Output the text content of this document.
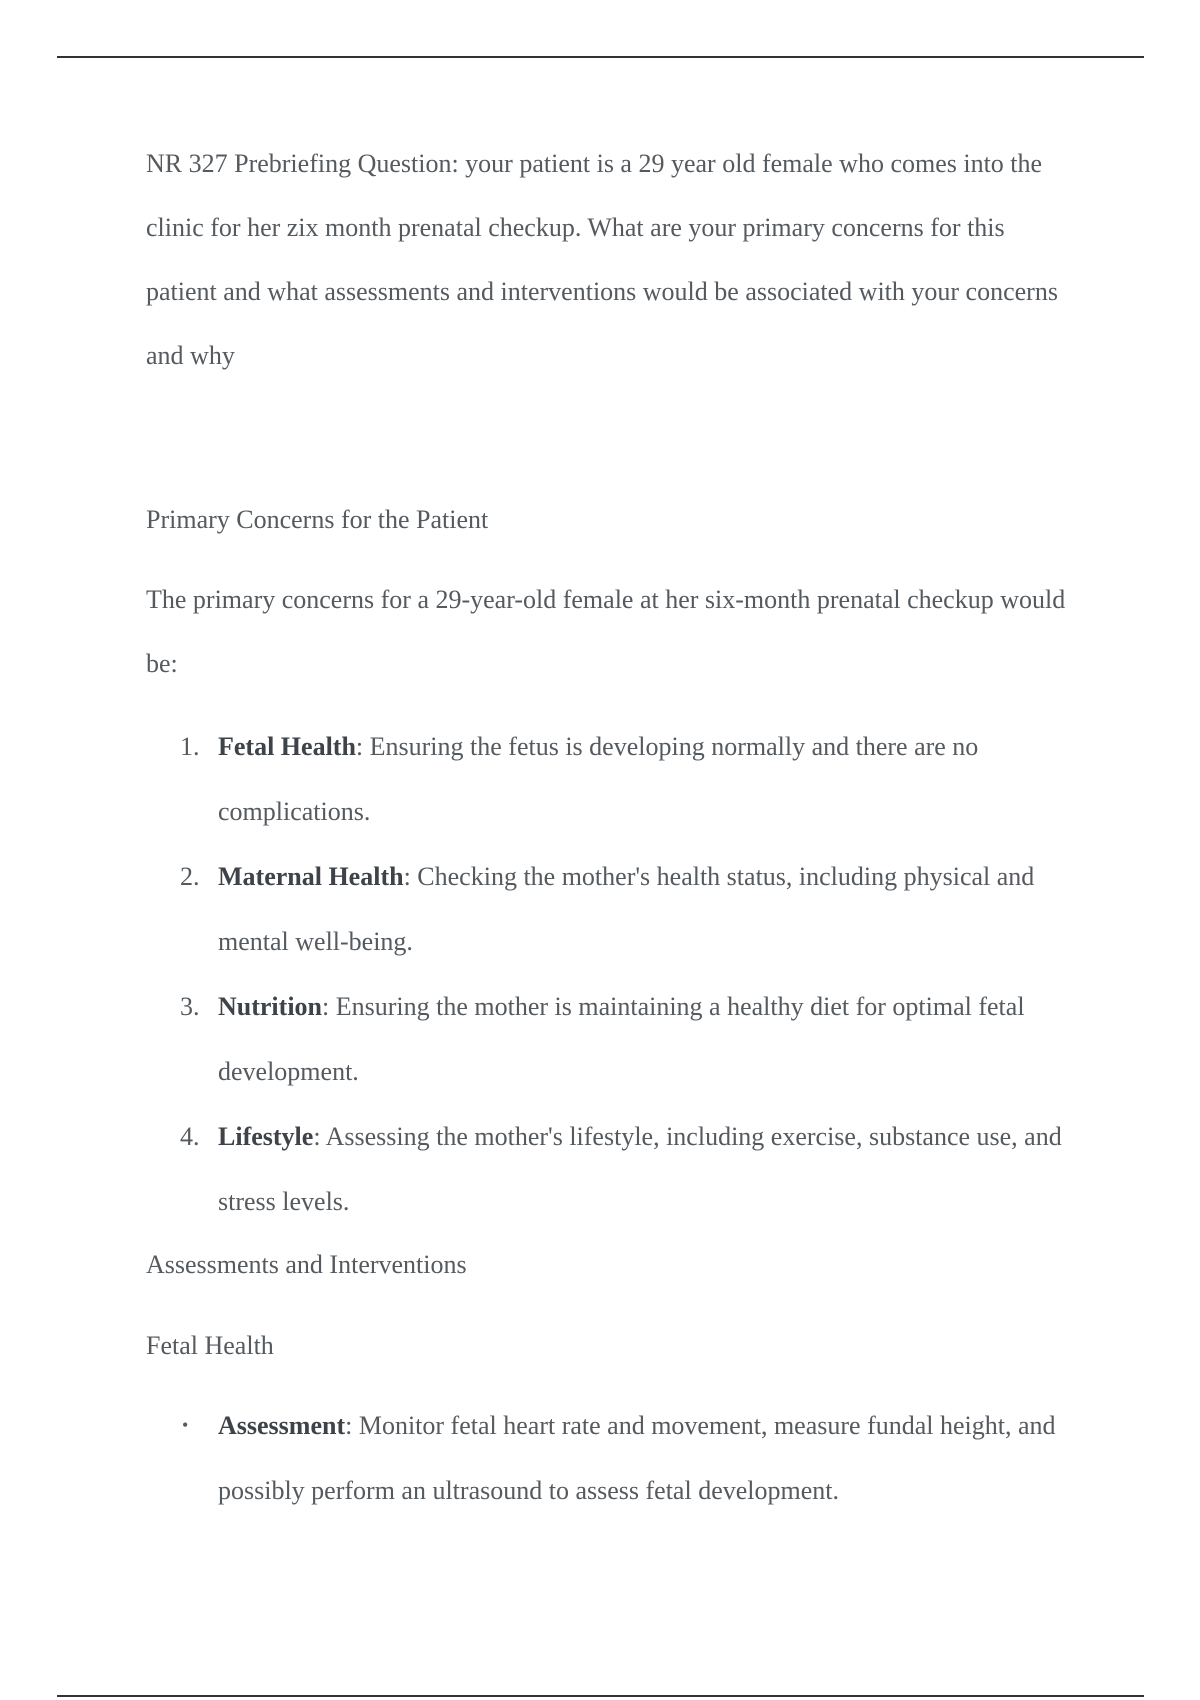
NR 327 Prebriefing Question: your patient is a 29 year old female who comes into the clinic for her zix month prenatal checkup. What are your primary concerns for this patient and what assessments and interventions would be associated with your concerns and why

Primary Concerns for the Patient

The primary concerns for a 29-year-old female at her six-month prenatal checkup would be:

1. Fetal Health: Ensuring the fetus is developing normally and there are no complications.
2. Maternal Health: Checking the mother's health status, including physical and mental well-being.
3. Nutrition: Ensuring the mother is maintaining a healthy diet for optimal fetal development.
4. Lifestyle: Assessing the mother's lifestyle, including exercise, substance use, and stress levels.

Assessments and Interventions

Fetal Health

• Assessment: Monitor fetal heart rate and movement, measure fundal height, and possibly perform an ultrasound to assess fetal development.
